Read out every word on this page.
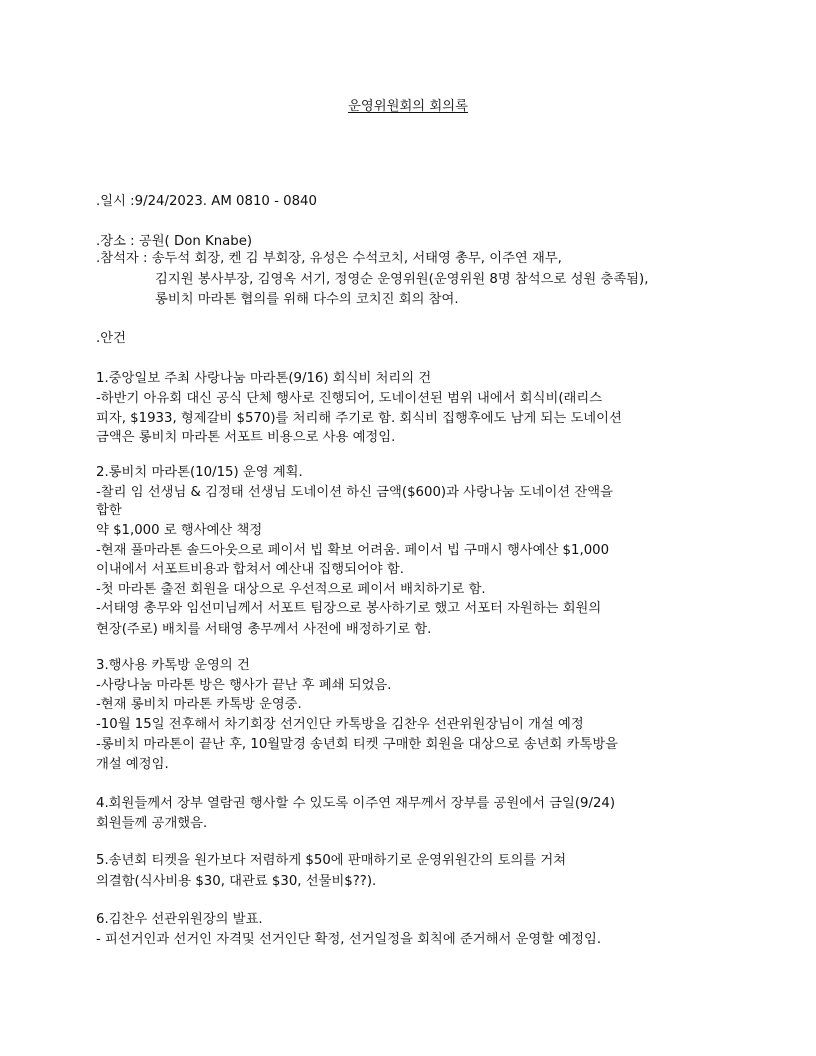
운영위원회의 회의록
.일시 :9/24/2023. AM 0810 - 0840
.장소 : 공원( Don Knabe)
.참석자 : 송두석 회장, 켄 김 부회장, 유성은 수석코치, 서태영 총무, 이주연 재무,
김지원 봉사부장, 김영옥 서기, 정영순 운영위원(운영위원 8명 참석으로 성원 충족됨),
롱비치 마라톤 협의를 위해 다수의 코치진 회의 참여.
.안건
1.중앙일보 주최 사랑나눔 마라톤(9/16) 회식비 처리의 건
-하반기 아유회 대신 공식 단체 행사로 진행되어, 도네이션된 범위 내에서 회식비(래리스
피자, $1933, 형제갈비 $570)를 처리해 주기로 함. 회식비 집행후에도 남게 되는 도네이션
금액은 롱비치 마라톤 서포트 비용으로 사용 예정임.
2.롱비치 마라톤(10/15) 운영 계획.
-찰리 임 선생님 & 김정태 선생님 도네이션 하신 금액($600)과 사랑나눔 도네이션 잔액을
합한
약 $1,000 로 행사예산 책정
-현재 풀마라톤 솔드아웃으로 페이서 빕 확보 어려움. 페이서 빕 구매시 행사예산 $1,000
이내에서 서포트비용과 합쳐서 예산내 집행되어야 함.
-첫 마라톤 출전 회원을 대상으로 우선적으로 페이서 배치하기로 함.
-서태영 총무와 임선미님께서 서포트 팀장으로 봉사하기로 했고 서포터 자원하는 회원의
현장(주로) 배치를 서태영 총무께서 사전에 배정하기로 함.
3.행사용 카톡방 운영의 건
-사랑나눔 마라톤 방은 행사가 끝난 후 폐쇄 되었음.
-현재 롱비치 마라톤 카톡방 운영중.
-10월 15일 전후해서 차기회장 선거인단 카톡방을 김찬우 선관위원장님이 개설 예정
-롱비치 마라톤이 끝난 후, 10월말경 송년회 티켓 구매한 회원을 대상으로 송년회 카톡방을
개설 예정임.
4.회원들께서 장부 열람권 행사할 수 있도록 이주연 재무께서 장부를 공원에서 금일(9/24)
회원들께 공개했음.
5.송년회 티켓을 원가보다 저렴하게 $50에 판매하기로 운영위원간의 토의를 거쳐
의결함(식사비용 $30, 대관료 $30, 선물비$??).
6.김찬우 선관위원장의 발표.
- 피선거인과 선거인 자격및 선거인단 확정, 선거일정을 회칙에 준거해서 운영할 예정임.
